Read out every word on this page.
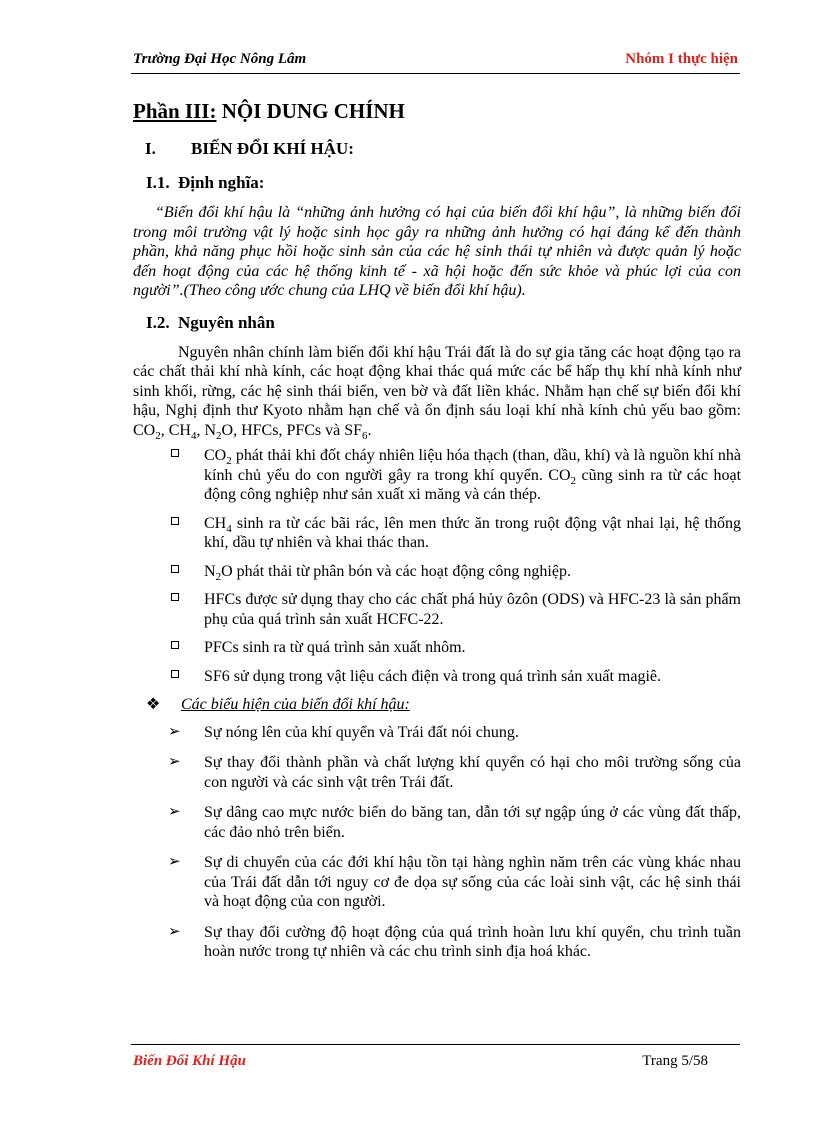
Trường Đại Học Nông Lâm	Nhóm I thực hiện
Phần III: NỘI DUNG CHÍNH
I. BIẾN ĐỔI KHÍ HẬU:
I.1. Định nghĩa:

“Biến đổi khí hậu là “những ảnh hưởng có hại của biến đổi khí hậu”, là những biến đổi trong môi trường vật lý hoặc sinh học gây ra những ảnh hưởng có hại đáng kể đến thành phần, khả năng phục hồi hoặc sinh sản của các hệ sinh thái tự nhiên và được quản lý hoặc đến hoạt động của các hệ thống kinh tế - xã hội hoặc đến sức khỏe và phúc lợi của con người”.(Theo công ước chung của LHQ về biến đổi khí hậu).

I.2. Nguyên nhân

Nguyên nhân chính làm biến đổi khí hậu Trái đất là do sự gia tăng các hoạt động tạo ra các chất thải khí nhà kính, các hoạt động khai thác quá mức các bể hấp thụ khí nhà kính như sinh khối, rừng, các hệ sinh thái biển, ven bờ và đất liền khác. Nhằm hạn chế sự biến đổi khí hậu, Nghị định thư Kyoto nhằm hạn chế và ổn định sáu loại khí nhà kính chủ yếu bao gồm: $CO_2$, $CH_4$, $N_2O$, HFCs, PFCs và $SF_6$.

$CO_2$ phát thải khi đốt cháy nhiên liệu hóa thạch (than, dầu, khí) và là nguồn khí nhà kính chủ yếu do con người gây ra trong khí quyển. $CO_2$ cũng sinh ra từ các hoạt động công nghiệp như sản xuất xi măng và cán thép.
$CH_4$ sinh ra từ các bãi rác, lên men thức ăn trong ruột động vật nhai lại, hệ thống khí, dầu tự nhiên và khai thác than.
$N_2O$ phát thải từ phân bón và các hoạt động công nghiệp.
HFCs được sử dụng thay cho các chất phá hủy ôzôn (ODS) và HFC-23 là sản phẩm phụ của quá trình sản xuất HCFC-22.
PFCs sinh ra từ quá trình sản xuất nhôm.
SF6 sử dụng trong vật liệu cách điện và trong quá trình sản xuất magiê.
❖ Các biểu hiện của biến đổi khí hậu:
➢ Sự nóng lên của khí quyển và Trái đất nói chung.
➢ Sự thay đổi thành phần và chất lượng khí quyển có hại cho môi trường sống của con người và các sinh vật trên Trái đất.
➢ Sự dâng cao mực nước biển do băng tan, dẫn tới sự ngập úng ở các vùng đất thấp, các đảo nhỏ trên biển.
➢ Sự di chuyển của các đới khí hậu tồn tại hàng nghìn năm trên các vùng khác nhau của Trái đất dẫn tới nguy cơ đe dọa sự sống của các loài sinh vật, các hệ sinh thái và hoạt động của con người.
➢ Sự thay đổi cường độ hoạt động của quá trình hoàn lưu khí quyển, chu trình tuần hoàn nước trong tự nhiên và các chu trình sinh địa hoá khác.
Biến Đổi Khí Hậu	Trang 5/58
